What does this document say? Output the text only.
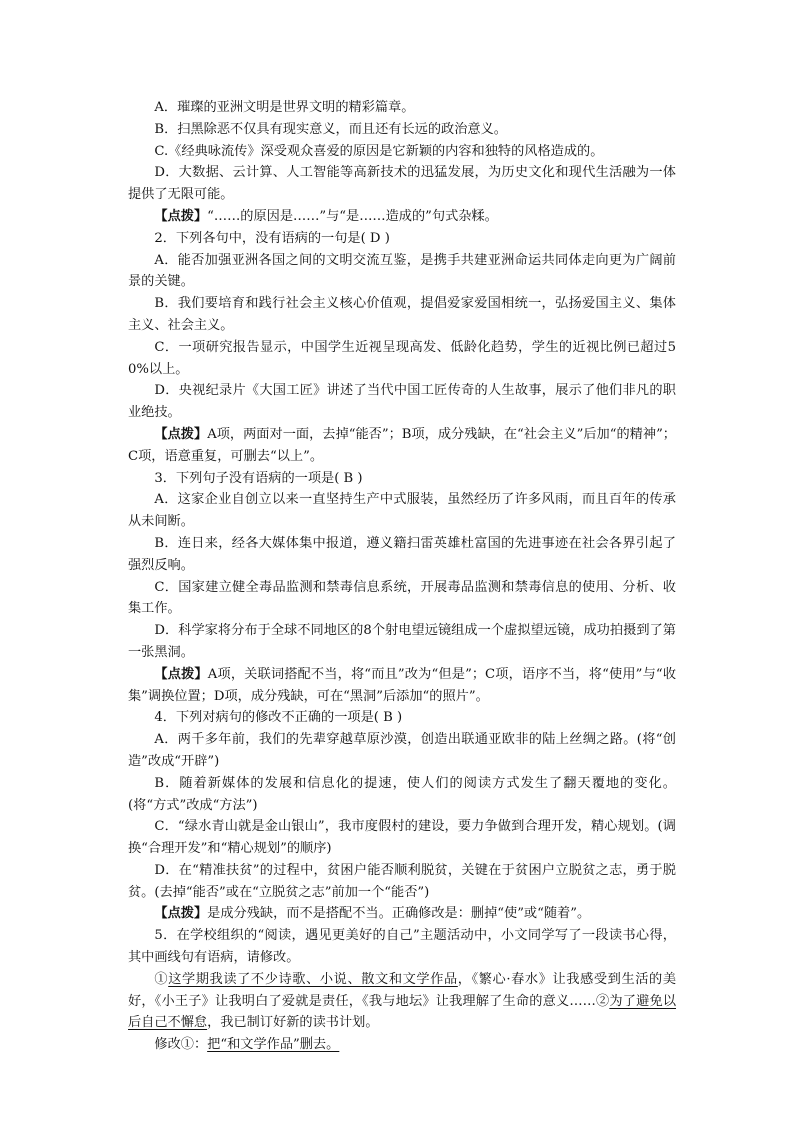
A．璀璨的亚洲文明是世界文明的精彩篇章。

B．扫黑除恶不仅具有现实意义，而且还有长远的政治意义。

C.《经典咏流传》深受观众喜爱的原因是它新颖的内容和独特的风格造成的。

D．大数据、云计算、人工智能等高新技术的迅猛发展，为历史文化和现代生活融为一体提供了无限可能。

【点拨】“……的原因是……”与“是……造成的”句式杂糅。

2．下列各句中，没有语病的一句是( D )

A．能否加强亚洲各国之间的文明交流互鉴，是携手共建亚洲命运共同体走向更为广阔前景的关键。

B．我们要培育和践行社会主义核心价值观，提倡爱家爱国相统一，弘扬爱国主义、集体主义、社会主义。

C．一项研究报告显示，中国学生近视呈现高发、低龄化趋势，学生的近视比例已超过50%以上。

D．央视纪录片《大国工匠》讲述了当代中国工匠传奇的人生故事，展示了他们非凡的职业绝技。

【点拨】A项，两面对一面，去掉“能否”；B项，成分残缺，在“社会主义”后加“的精神”；C项，语意重复，可删去“以上”。

3．下列句子没有语病的一项是( B )

A．这家企业自创立以来一直坚持生产中式服装，虽然经历了许多风雨，而且百年的传承从未间断。

B．连日来，经各大媒体集中报道，遵义籍扫雷英雄杜富国的先进事迹在社会各界引起了强烈反响。

C．国家建立健全毒品监测和禁毒信息系统，开展毒品监测和禁毒信息的使用、分析、收集工作。

D．科学家将分布于全球不同地区的8个射电望远镜组成一个虚拟望远镜，成功拍摄到了第一张黑洞。

【点拨】A项，关联词搭配不当，将“而且”改为“但是”；C项，语序不当，将“使用”与“收集”调换位置；D项，成分残缺，可在“黑洞”后添加“的照片”。

4．下列对病句的修改不正确的一项是( B )

A．两千多年前，我们的先辈穿越草原沙漠，创造出联通亚欧非的陆上丝绸之路。(将“创造”改成“开辟”)

B．随着新媒体的发展和信息化的提速，使人们的阅读方式发生了翻天覆地的变化。(将“方式”改成“方法”)

C．“绿水青山就是金山银山”，我市度假村的建设，要力争做到合理开发，精心规划。(调换“合理开发”和“精心规划”的顺序)

D．在“精准扶贫”的过程中，贫困户能否顺利脱贫，关键在于贫困户立脱贫之志，勇于脱贫。(去掉“能否”或在“立脱贫之志”前加一个“能否”)

【点拨】是成分残缺，而不是搭配不当。正确修改是：删掉“使”或“随着”。

5．在学校组织的“阅读，遇见更美好的自己”主题活动中，小文同学写了一段读书心得，其中画线句有语病，请修改。

①这学期我读了不少诗歌、小说、散文和文学作品，《繁心·春水》让我感受到生活的美好，《小王子》让我明白了爱就是责任，《我与地坛》让我理解了生命的意义……②为了避免以后自己不懈怠，我已制订好新的读书计划。

修改①：把“和文学作品”删去。
